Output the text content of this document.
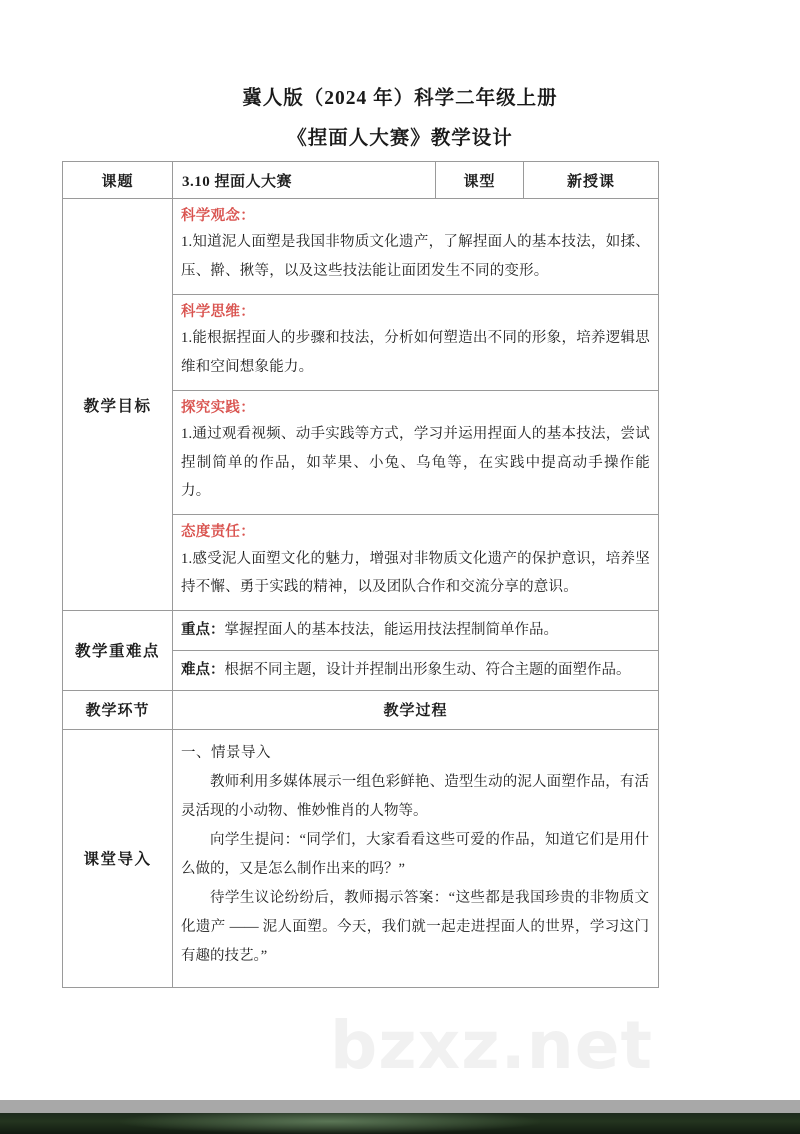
bzxz.net
冀人版（2024 年）科学二年级上册
《捏面人大赛》教学设计
课题	3.10 捏面人大赛	课型	新授课
教学目标	科学观念：
1.知道泥人面塑是我国非物质文化遗产，了解捏面人的基本技法，如揉、压、擀、揪等，以及这些技法能让面团发生不同的变形。		

	科学思维：
1.能根据捏面人的步骤和技法，分析如何塑造出不同的形象，培养逻辑思维和空间想象能力。		

	探究实践：
1.通过观看视频、动手实践等方式，学习并运用捏面人的基本技法，尝试捏制简单的作品，如苹果、小兔、乌龟等，在实践中提高动手操作能力。		

	态度责任：
1.感受泥人面塑文化的魅力，增强对非物质文化遗产的保护意识，培养坚持不懈、勇于实践的精神，以及团队合作和交流分享的意识。		

教学重难点	重点：掌握捏面人的基本技法，能运用技法捏制简单作品。		
	难点：根据不同主题，设计并捏制出形象生动、符合主题的面塑作品。		
教学环节	教学过程		
课堂导入	一、情景导入

教师利用多媒体展示一组色彩鲜艳、造型生动的泥人面塑作品，有活灵活现的小动物、惟妙惟肖的人物等。

向学生提问：“同学们，大家看看这些可爱的作品，知道它们是用什么做的，又是怎么制作出来的吗？”

待学生议论纷纷后，教师揭示答案：“这些都是我国珍贵的非物质文化遗产 —— 泥人面塑。今天，我们就一起走进捏面人的世界，学习这门有趣的技艺。”		
